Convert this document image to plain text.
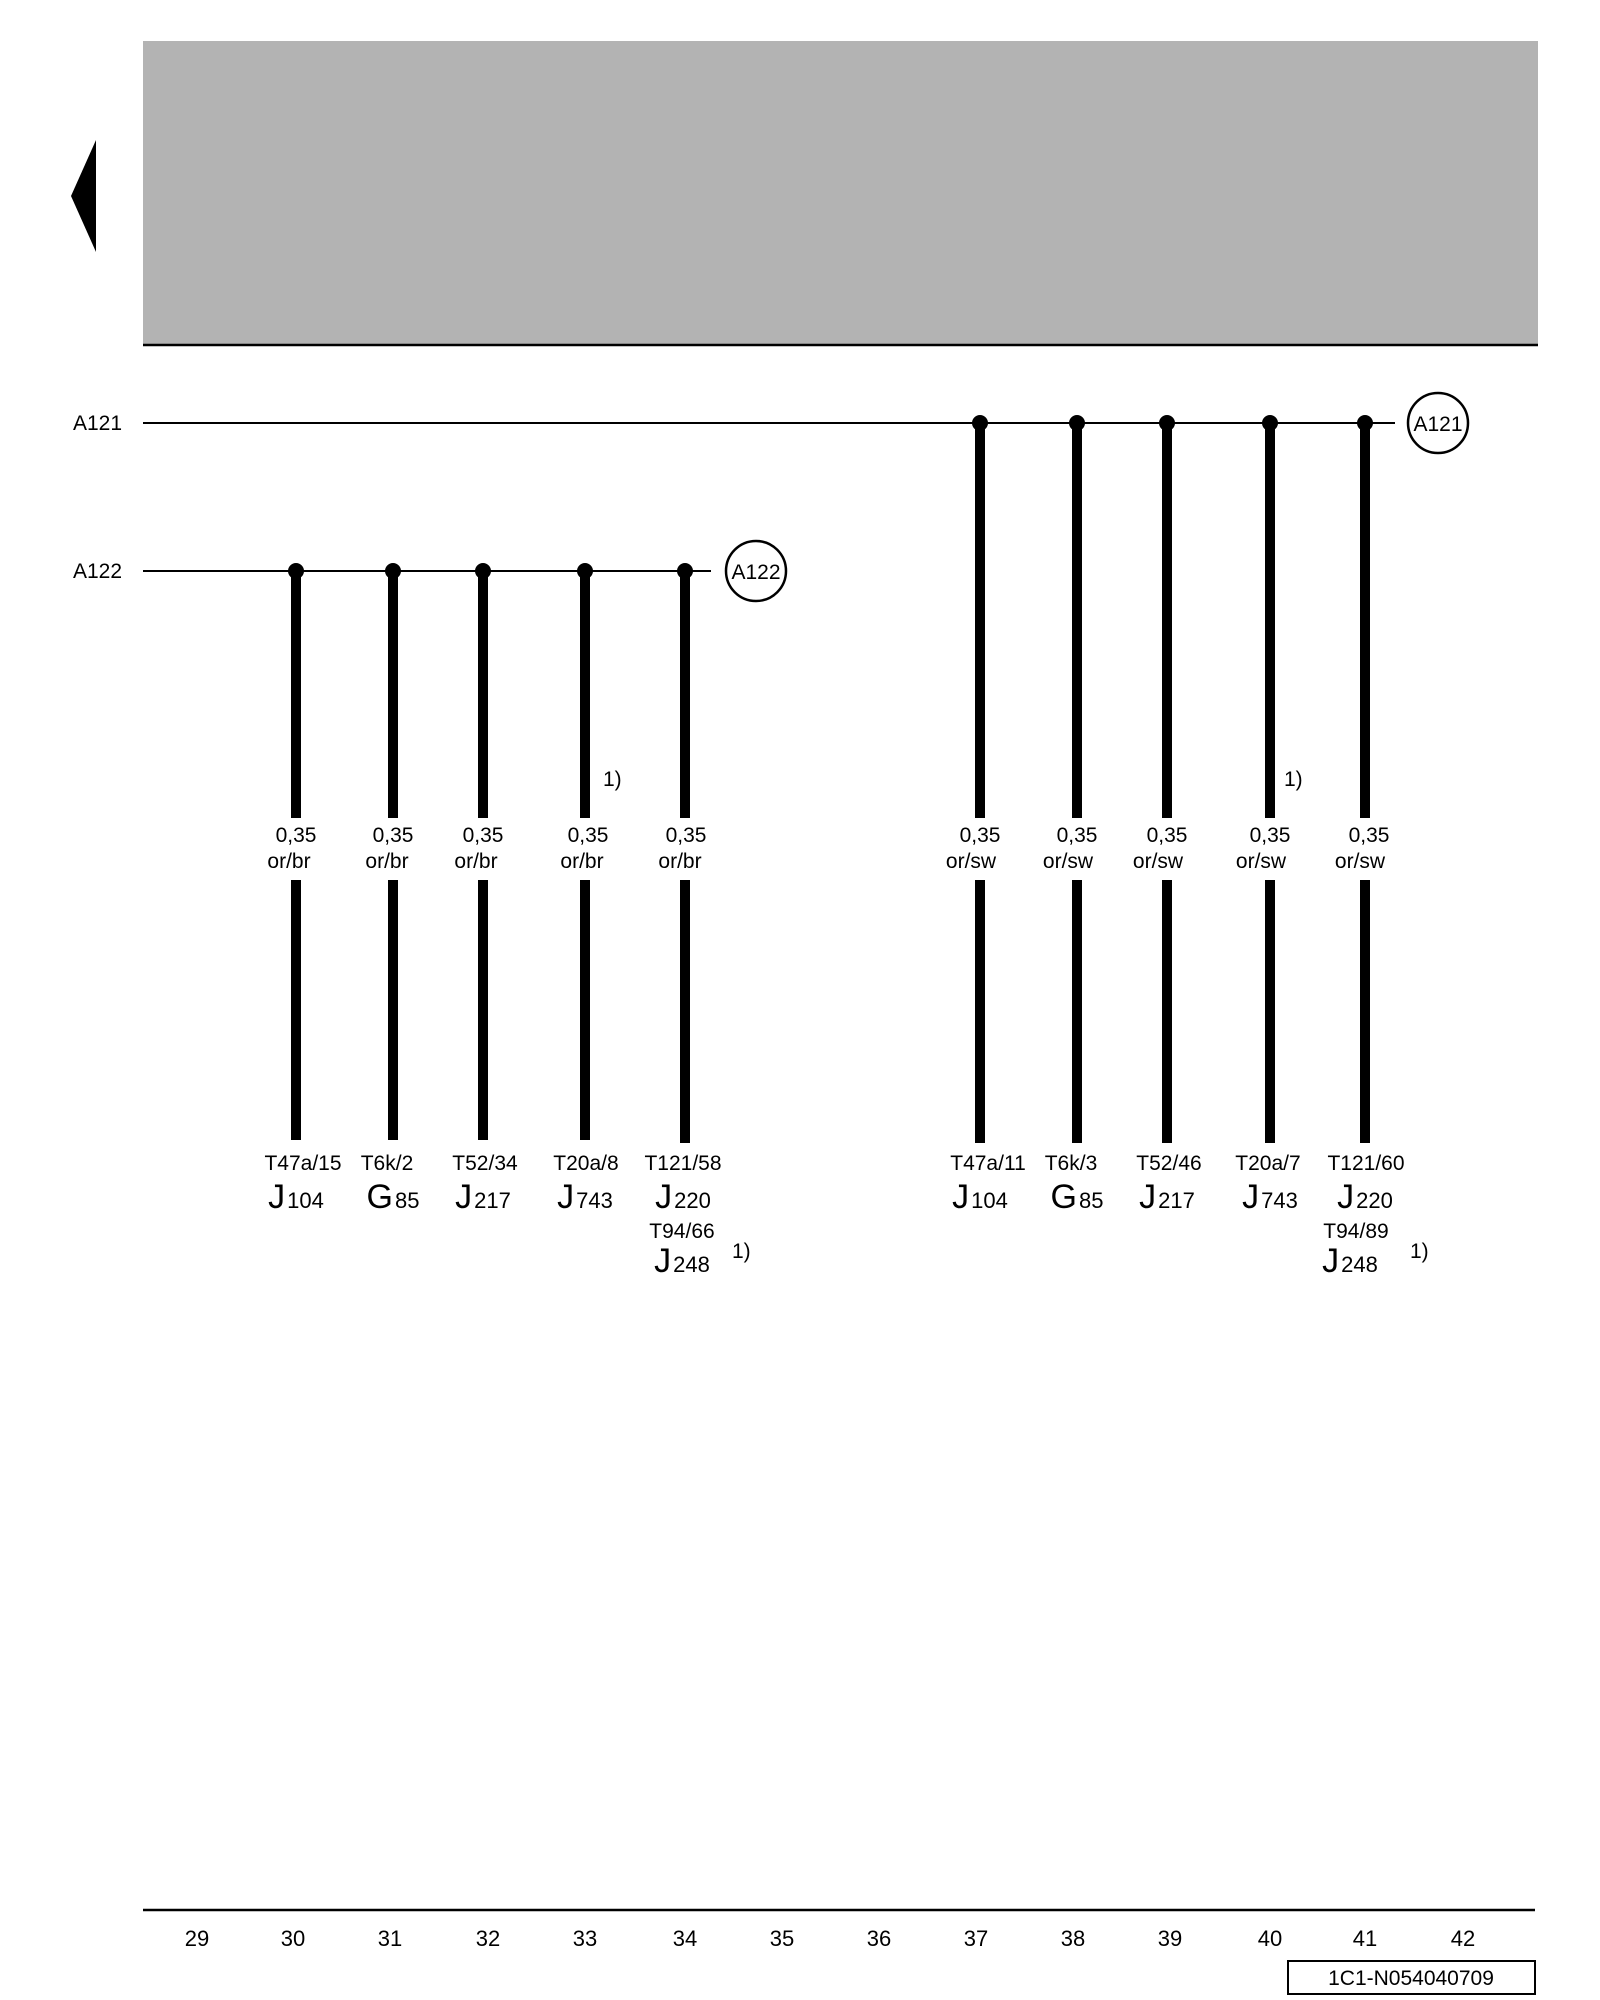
A121	A121
A122	A122
0,35
or/sw
T47a/11
J104
0,35
or/sw
T6k/3
G85
0,35
or/sw
T52/46
J217
1)
0,35
or/sw
T20a/7
J743
0,35
or/sw
T121/60
J220
T94/89
J248
1)
0,35
or/br
T47a/15
J104
0,35
or/br
T6k/2
G85
0,35
or/br
T52/34
J217
1)
0,35
or/br
T20a/8
J743
0,35
or/br
T121/58
J220
T94/66
J248
1)
29	30	31	32	33	34	35	36	37	38	39	40	41	42
1C1-N054040709
